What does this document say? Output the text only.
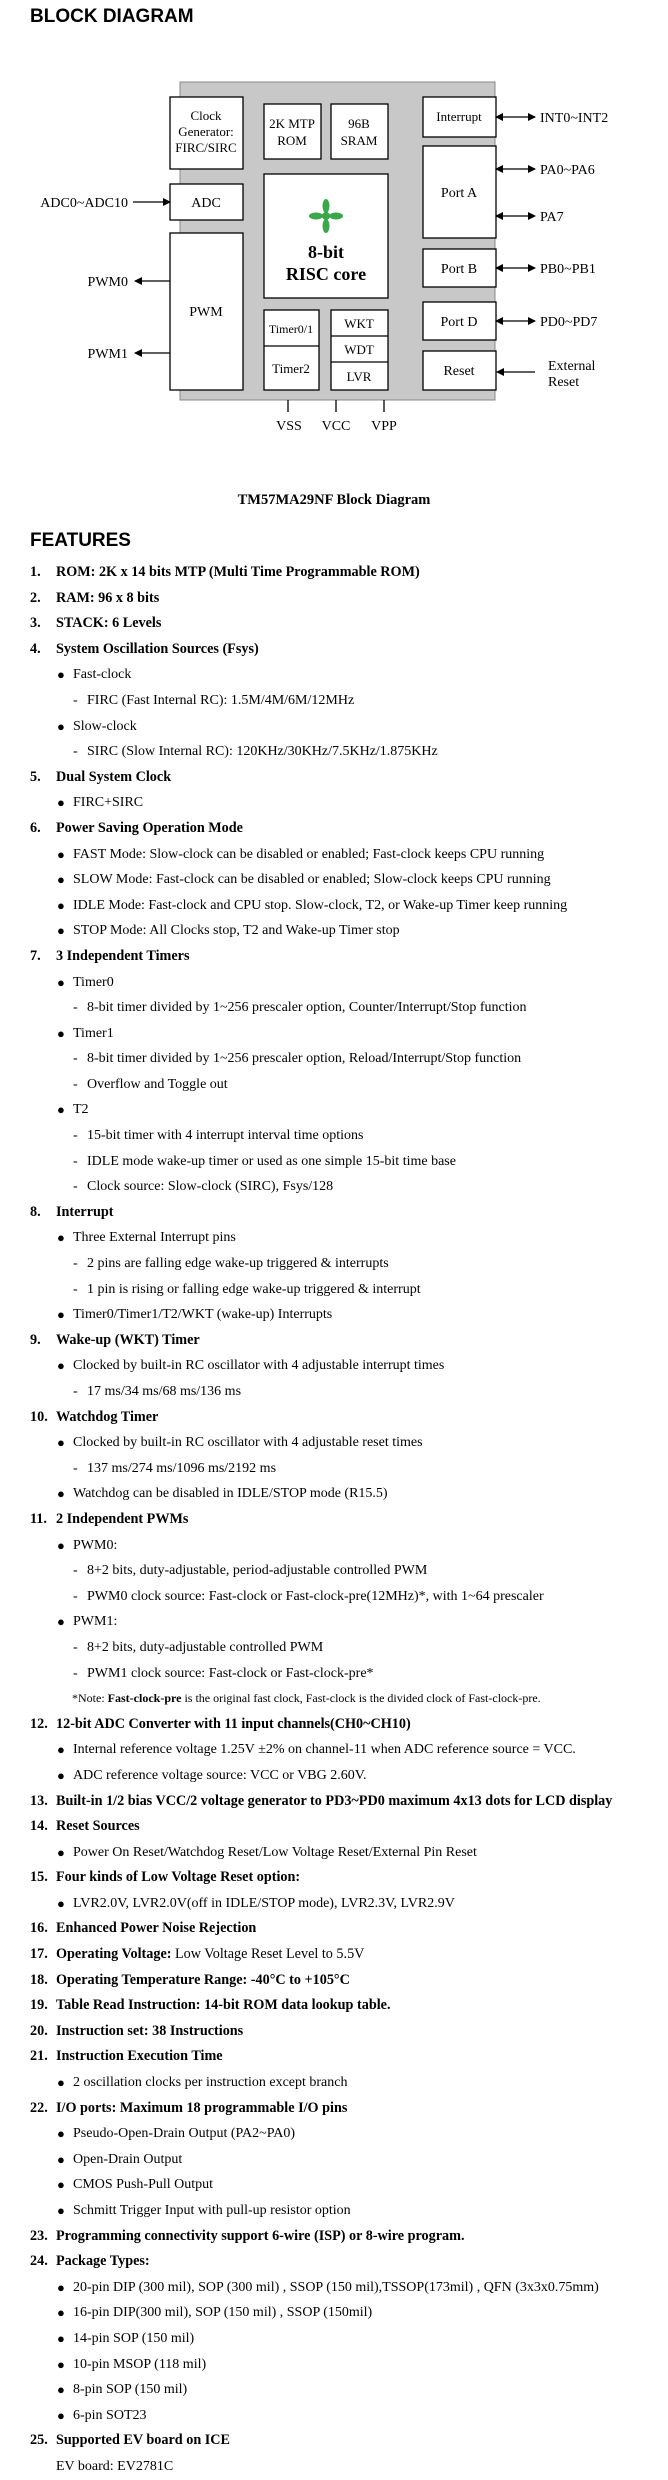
BLOCK DIAGRAM
Clock
Generator:
FIRC/SIRC
2K MTP
ROM
96B
SRAM
Interrupt
ADC
8-bit
RISC core
Port A
PWM
Port B
Timer0/1
Timer2
WKT
WDT
LVR
Port D
Reset
INT0~INT2
ADC0~ADC10
PA0~PA6
PA7
PWM0
PWM1
PB0~PB1
PD0~PD7
External
Reset
VSS VCC VPP
TM57MA29NF Block Diagram
FEATURES
1. ROM: 2K x 14 bits MTP (Multi Time Programmable ROM)
2. RAM: 96 x 8 bits
3. STACK: 6 Levels
4. System Oscillation Sources (Fsys)
● Fast-clock
- FIRC (Fast Internal RC): 1.5M/4M/6M/12MHz
● Slow-clock
- SIRC (Slow Internal RC): 120KHz/30KHz/7.5KHz/1.875KHz
5. Dual System Clock
● FIRC+SIRC
6. Power Saving Operation Mode
● FAST Mode: Slow-clock can be disabled or enabled; Fast-clock keeps CPU running
● SLOW Mode: Fast-clock can be disabled or enabled; Slow-clock keeps CPU running
● IDLE Mode: Fast-clock and CPU stop. Slow-clock, T2, or Wake-up Timer keep running
● STOP Mode: All Clocks stop, T2 and Wake-up Timer stop
7. 3 Independent Timers
● Timer0
- 8-bit timer divided by 1~256 prescaler option, Counter/Interrupt/Stop function
● Timer1
- 8-bit timer divided by 1~256 prescaler option, Reload/Interrupt/Stop function
- Overflow and Toggle out
● T2
- 15-bit timer with 4 interrupt interval time options
- IDLE mode wake-up timer or used as one simple 15-bit time base
- Clock source: Slow-clock (SIRC), Fsys/128
8. Interrupt
● Three External Interrupt pins
- 2 pins are falling edge wake-up triggered & interrupts
- 1 pin is rising or falling edge wake-up triggered & interrupt
● Timer0/Timer1/T2/WKT (wake-up) Interrupts
9. Wake-up (WKT) Timer
● Clocked by built-in RC oscillator with 4 adjustable interrupt times
- 17 ms/34 ms/68 ms/136 ms
10. Watchdog Timer
● Clocked by built-in RC oscillator with 4 adjustable reset times
- 137 ms/274 ms/1096 ms/2192 ms
● Watchdog can be disabled in IDLE/STOP mode (R15.5)
11. 2 Independent PWMs
● PWM0:
- 8+2 bits, duty-adjustable, period-adjustable controlled PWM
- PWM0 clock source: Fast-clock or Fast-clock-pre(12MHz)*, with 1~64 prescaler
● PWM1:
- 8+2 bits, duty-adjustable controlled PWM
- PWM1 clock source: Fast-clock or Fast-clock-pre*
*Note: Fast-clock-pre is the original fast clock, Fast-clock is the divided clock of Fast-clock-pre.
12. 12-bit ADC Converter with 11 input channels(CH0~CH10)
● Internal reference voltage 1.25V ±2% on channel-11 when ADC reference source = VCC.
● ADC reference voltage source: VCC or VBG 2.60V.
13. Built-in 1/2 bias VCC/2 voltage generator to PD3~PD0 maximum 4x13 dots for LCD display
14. Reset Sources
● Power On Reset/Watchdog Reset/Low Voltage Reset/External Pin Reset
15. Four kinds of Low Voltage Reset option:
● LVR2.0V, LVR2.0V(off in IDLE/STOP mode), LVR2.3V, LVR2.9V
16. Enhanced Power Noise Rejection
17. Operating Voltage: Low Voltage Reset Level to 5.5V
18. Operating Temperature Range: -40°C to +105°C
19. Table Read Instruction: 14-bit ROM data lookup table.
20. Instruction set: 38 Instructions
21. Instruction Execution Time
● 2 oscillation clocks per instruction except branch
22. I/O ports: Maximum 18 programmable I/O pins
● Pseudo-Open-Drain Output (PA2~PA0)
● Open-Drain Output
● CMOS Push-Pull Output
● Schmitt Trigger Input with pull-up resistor option
23. Programming connectivity support 6-wire (ISP) or 8-wire program.
24. Package Types:
● 20-pin DIP (300 mil), SOP (300 mil) , SSOP (150 mil),TSSOP(173mil) , QFN (3x3x0.75mm)
● 16-pin DIP(300 mil), SOP (150 mil) , SSOP (150mil)
● 14-pin SOP (150 mil)
● 10-pin MSOP (118 mil)
● 8-pin SOP (150 mil)
● 6-pin SOT23
25. Supported EV board on ICE
EV board: EV2781C
